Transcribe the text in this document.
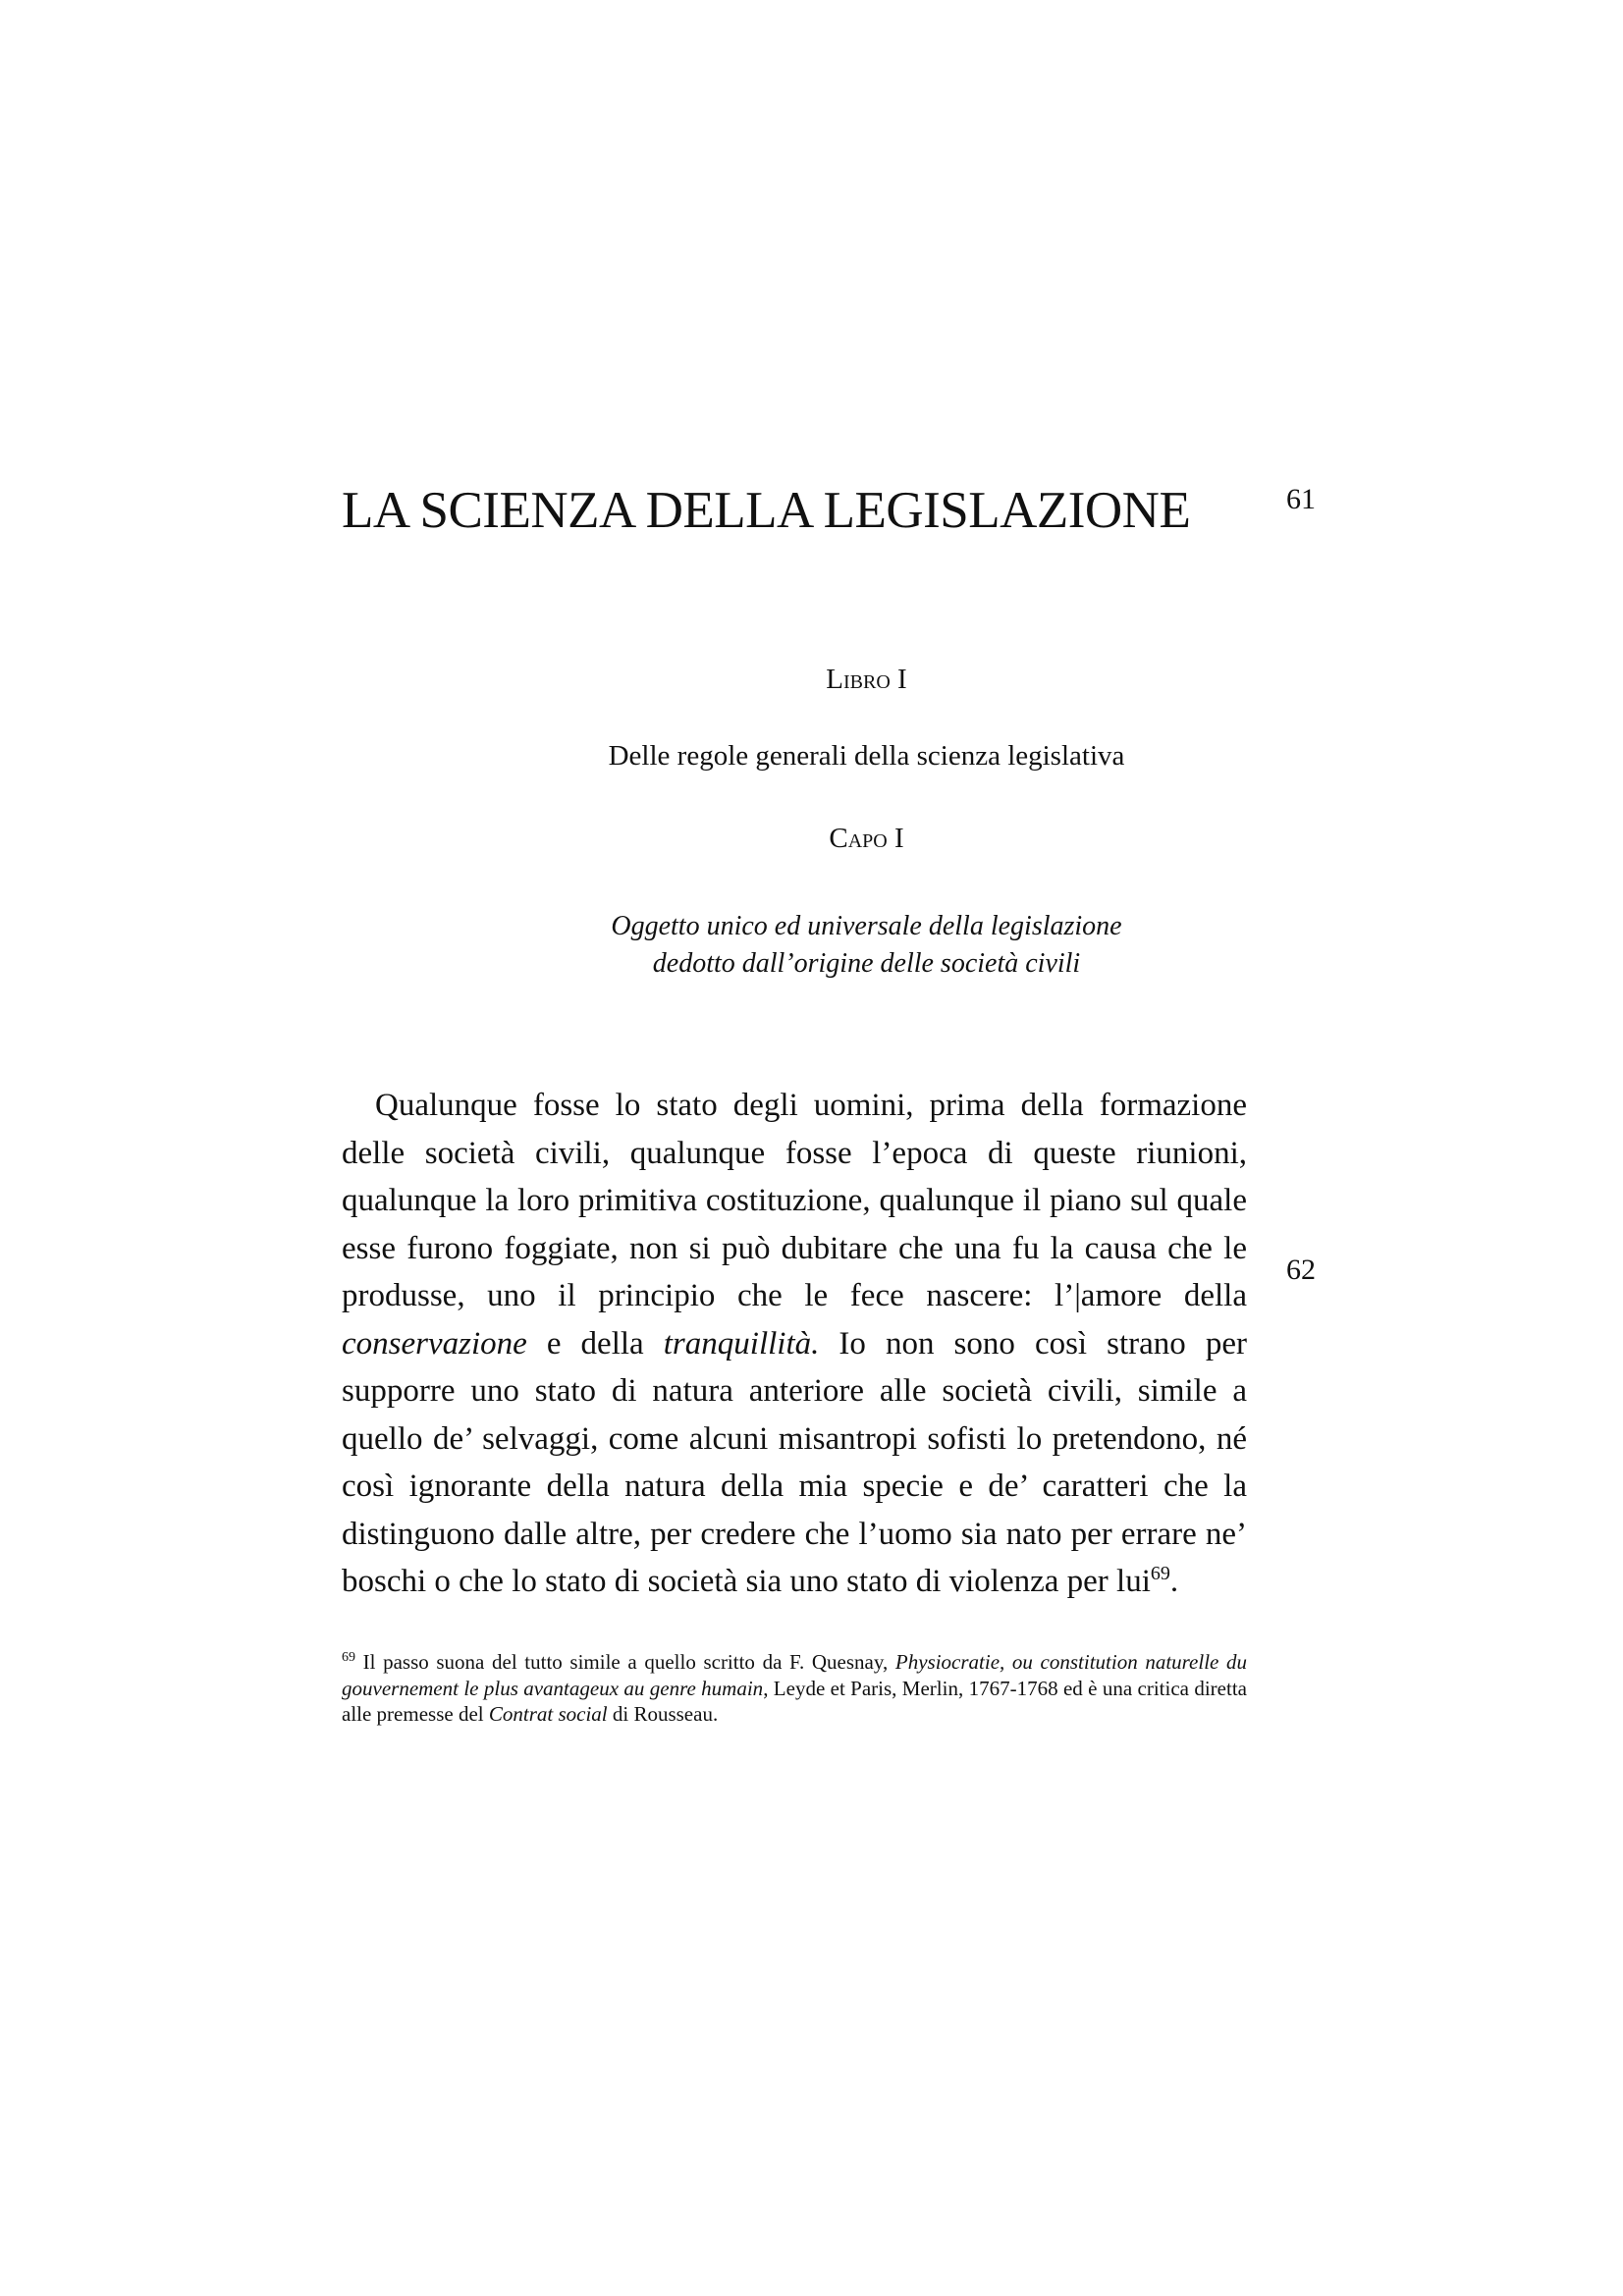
LA SCIENZA DELLA LEGISLAZIONE	61
Libro I
Delle regole generali della scienza legislativa
Capo I
Oggetto unico ed universale della legislazione
dedotto dall’origine delle società civili

Qualunque fosse lo stato degli uomini, prima della formazione delle società civili, qualunque fosse l’epoca di queste riunioni, qualunque la loro primitiva costituzione, qualunque il piano sul quale esse furono foggiate, non si può dubitare che una fu la causa che le produsse, uno il principio che le fece nascere: l’|amore della conservazione e della tranquillità. Io non sono così strano per supporre uno stato di natura anteriore alle società civili, simile a quello de’ selvaggi, come alcuni misantropi sofisti lo pretendono, né così ignorante della natura della mia specie e de’ caratteri che la distinguono dalle altre, per credere che l’uomo sia nato per errare ne’ boschi o che lo stato di società sia uno stato di violenza per lui$^{69}$.

62

$^{69}$ Il passo suona del tutto simile a quello scritto da F. Quesnay, Physiocratie, ou constitution naturelle du gouvernement le plus avantageux au genre humain, Leyde et Paris, Merlin, 1767-1768 ed è una critica diretta alle premesse del Contrat social di Rousseau.
